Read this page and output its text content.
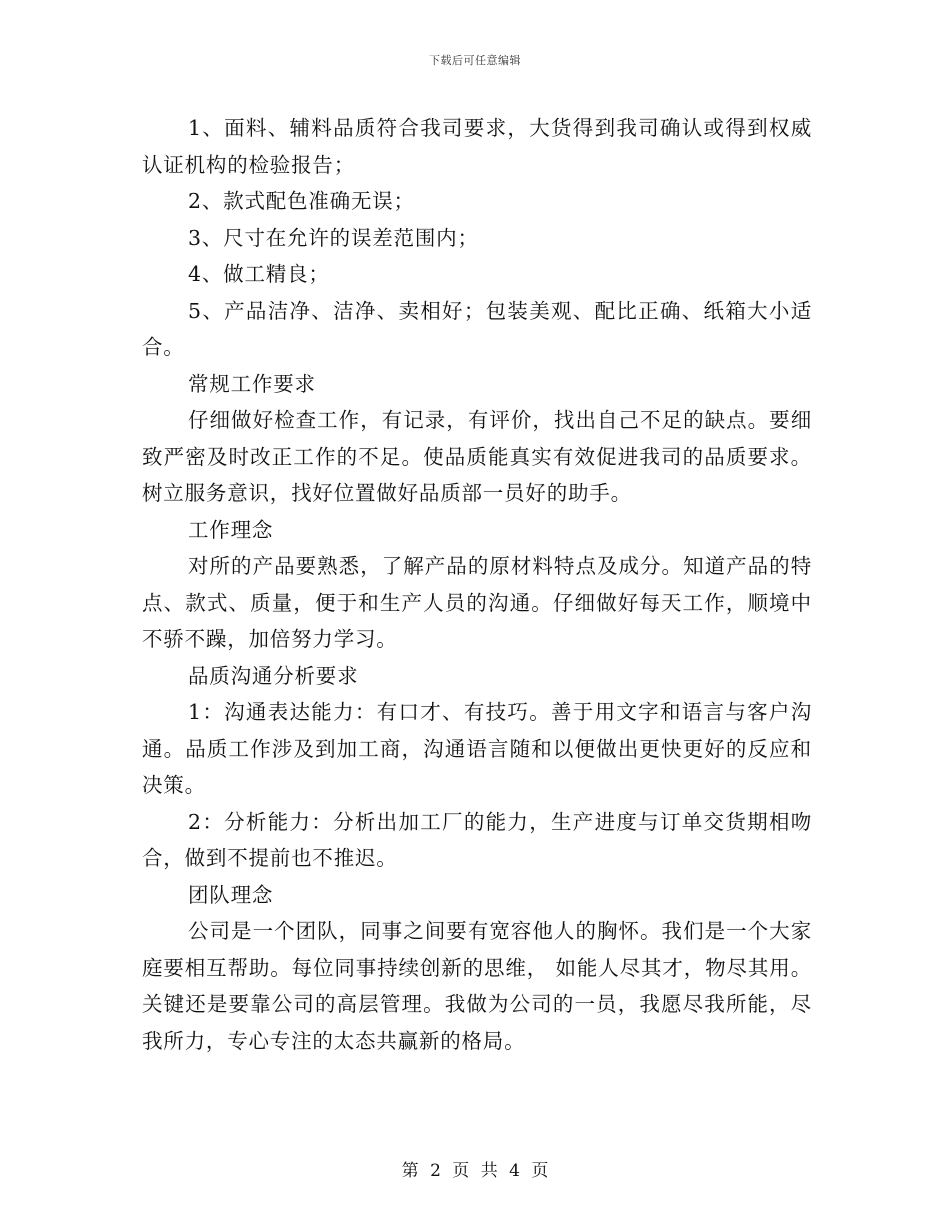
下载后可任意编辑

1、面料、辅料品质符合我司要求，大货得到我司确认或得到权威认证机构的检验报告；

2、款式配色准确无误；

3、尺寸在允许的误差范围内；

4、做工精良；

5、产品洁净、洁净、卖相好；包装美观、配比正确、纸箱大小适合。

常规工作要求

仔细做好检查工作，有记录，有评价，找出自己不足的缺点。要细致严密及时改正工作的不足。使品质能真实有效促进我司的品质要求。树立服务意识，找好位置做好品质部一员好的助手。

工作理念

对所的产品要熟悉，了解产品的原材料特点及成分。知道产品的特点、款式、质量，便于和生产人员的沟通。仔细做好每天工作，顺境中不骄不躁，加倍努力学习。

品质沟通分析要求

1：沟通表达能力：有口才、有技巧。善于用文字和语言与客户沟通。品质工作涉及到加工商，沟通语言随和以便做出更快更好的反应和决策。

2：分析能力：分析出加工厂的能力，生产进度与订单交货期相吻合，做到不提前也不推迟。

团队理念

公司是一个团队，同事之间要有宽容他人的胸怀。我们是一个大家庭要相互帮助。每位同事持续创新的思维， 如能人尽其才，物尽其用。关键还是要靠公司的高层管理。我做为公司的一员，我愿尽我所能，尽我所力，专心专注的太态共赢新的格局。

第 2 页 共 4 页
